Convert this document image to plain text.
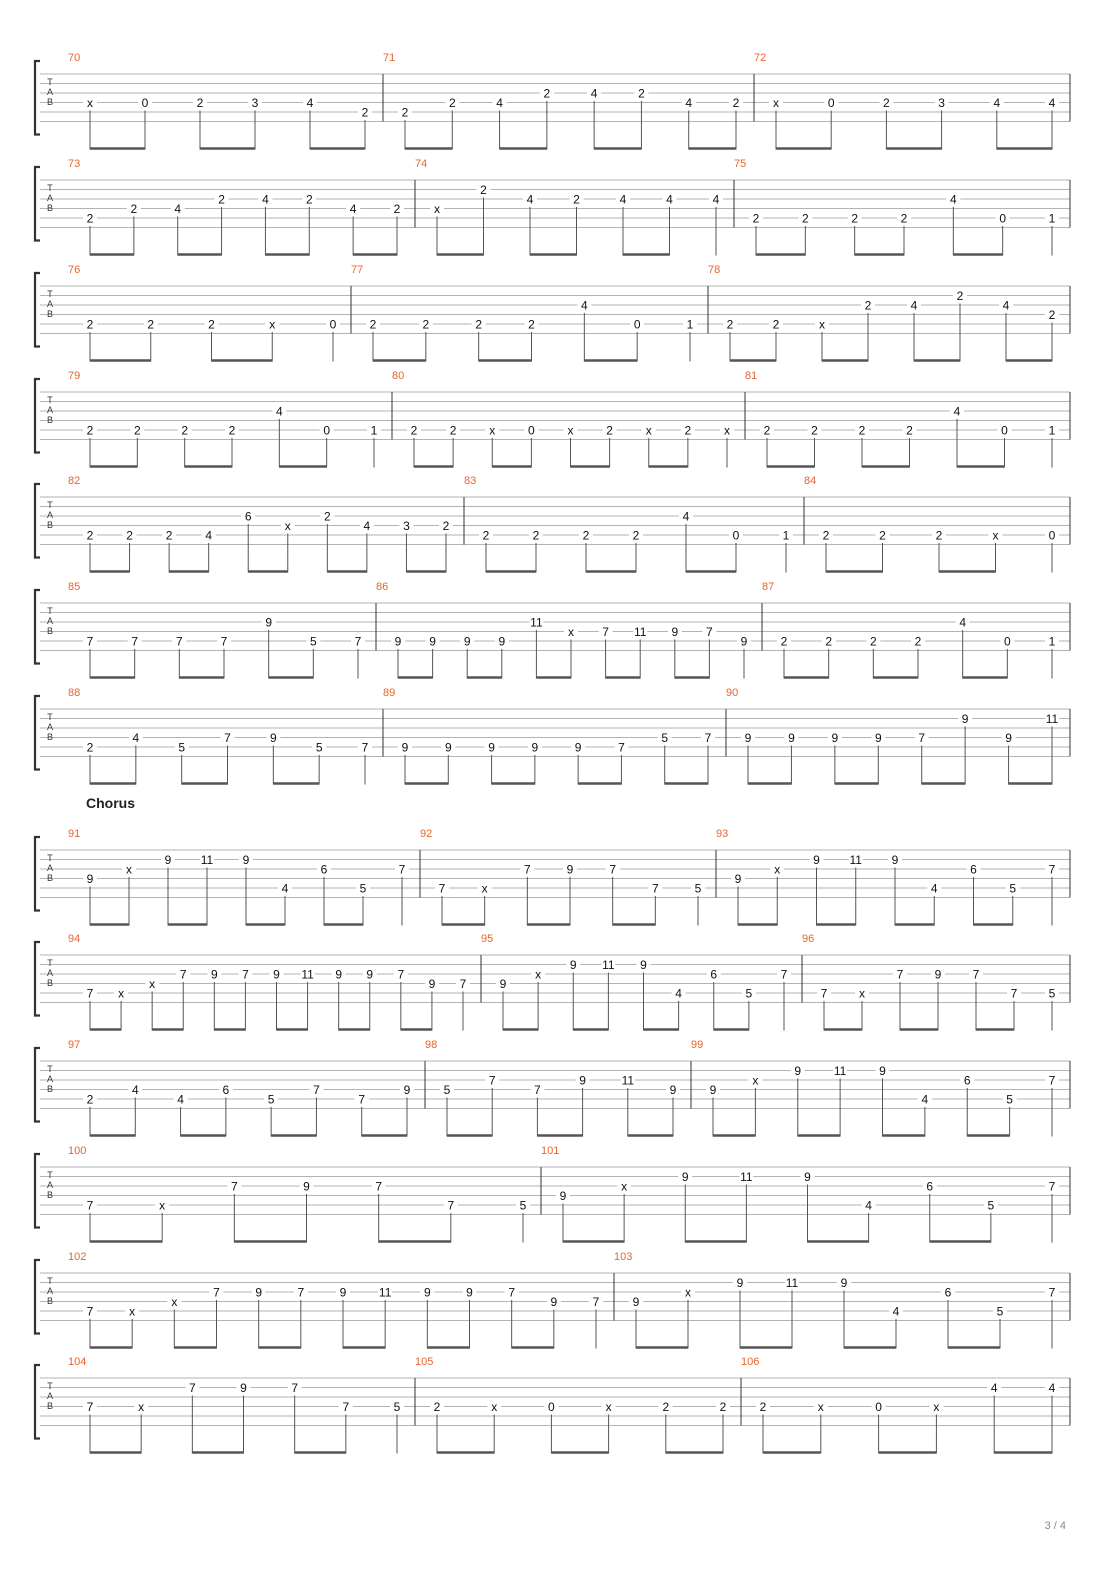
T
A
B
70
x	0	2	3	4
2
71
2
2	4
2	4	2
4	2
72
x	0	2	3	4	4
T
A
B
73
2
2	4
2	4	2
4	2
74
x
2
4	2	4	4	4
75
2	2	2	2
4
0	1
T
A
B
76
2	2	2	x	0
77
2	2	2	2
4
0	1
78
2	2	x
2	4
2
4
2
T
A
B
79
2	2	2	2
4
0	1
80
2	2	x	0	x	2	x	2	x
81
2	2	2	2
4
0	1
T
A
B
82
2	2	2	4
6
x
2
4	3	2
83
2	2	2	2
4
0	1
84
2	2	2	x	0
T
A
B
85
7	7	7	7
9
5	7
86
9 9 9 9
11
x 7 11 9 7
9
87
2	2	2	2
4
0	1
T
A
B
88
2
4
5
7	9
5	7
89
9	9	9	9	9	7
5	7
90
9	9	9	9	7
9
9
11
T
A
B
91
9
x
9 11 9
4
6
5
7
92
7	x
7	9	7
7	5
93
9
x
9 11 9
4
6
5
7
T
A
B
94
7 x
x
7 9 7 9 11 9 9 7
9 7
95
9
x
9 11 9
4
6
5
7
96
7	x
7	9	7
7	5
T
A
B
97
2
4
4
6
5
7
7
9
98
5
7
7
9	11
9
99
9
x
9	11	9
4
6
5
7
T
A
B
100
7	x
7	9	7
7	5
101
9
x
9	11	9
4
6
5
7
T
A
B
102
7	x
x
7	9	7	9	11	9	9	7
9	7
103
9
x
9	11	9
4
6
5
7
T
A
B
104
7	x
7	9	7
7	5
105
2	x	0	x	2	2
106
2	x	0	x
4	4
Chorus
3 / 4
